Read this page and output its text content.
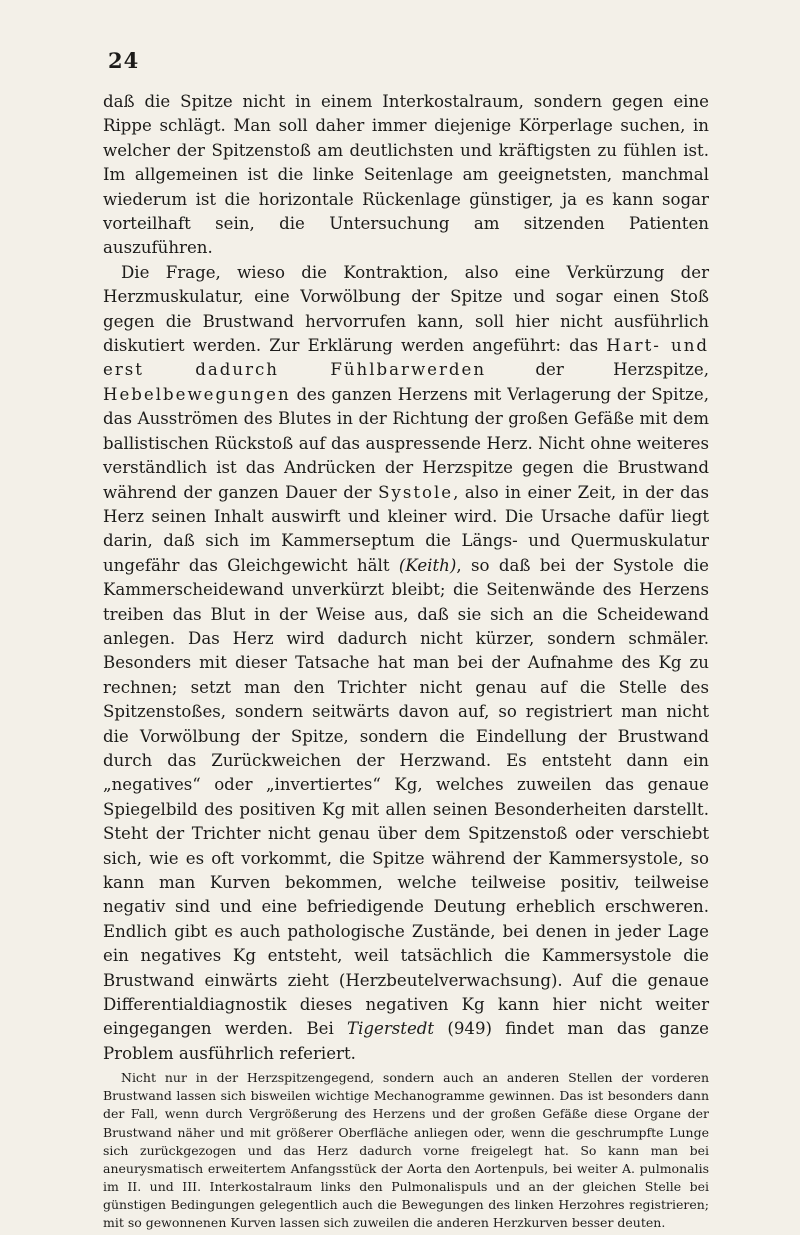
24

daß die Spitze nicht in einem Interkostalraum, sondern gegen eine Rippe schlägt. Man soll daher immer diejenige Körperlage suchen, in welcher der Spitzenstoß am deutlichsten und kräftigsten zu fühlen ist. Im allgemeinen ist die linke Seitenlage am geeignetsten, manchmal wiederum ist die horizontale Rückenlage günstiger, ja es kann sogar vorteilhaft sein, die Untersuchung am sitzenden Patienten auszuführen.

Die Frage, wieso die Kontraktion, also eine Verkürzung der Herzmuskulatur, eine Vorwölbung der Spitze und sogar einen Stoß gegen die Brustwand hervorrufen kann, soll hier nicht ausführlich diskutiert werden. Zur Erklärung werden angeführt: das Hart- und erst dadurch Fühlbarwerden der Herzspitze, Hebelbewegungen des ganzen Herzens mit Verlagerung der Spitze, das Ausströmen des Blutes in der Richtung der großen Gefäße mit dem ballistischen Rückstoß auf das auspressende Herz. Nicht ohne weiteres verständlich ist das Andrücken der Herzspitze gegen die Brustwand während der ganzen Dauer der Systole, also in einer Zeit, in der das Herz seinen Inhalt auswirft und kleiner wird. Die Ursache dafür liegt darin, daß sich im Kammerseptum die Längs- und Quermuskulatur ungefähr das Gleichgewicht hält (Keith), so daß bei der Systole die Kammerscheidewand unverkürzt bleibt; die Seitenwände des Herzens treiben das Blut in der Weise aus, daß sie sich an die Scheidewand anlegen. Das Herz wird dadurch nicht kürzer, sondern schmäler. Besonders mit dieser Tatsache hat man bei der Aufnahme des Kg zu rechnen; setzt man den Trichter nicht genau auf die Stelle des Spitzenstoßes, sondern seitwärts davon auf, so registriert man nicht die Vorwölbung der Spitze, sondern die Eindellung der Brustwand durch das Zurückweichen der Herzwand. Es entsteht dann ein „negatives“ oder „invertiertes“ Kg, welches zuweilen das genaue Spiegelbild des positiven Kg mit allen seinen Besonderheiten darstellt. Steht der Trichter nicht genau über dem Spitzenstoß oder verschiebt sich, wie es oft vorkommt, die Spitze während der Kammersystole, so kann man Kurven bekommen, welche teilweise positiv, teilweise negativ sind und eine befriedigende Deutung erheblich erschweren. Endlich gibt es auch pathologische Zustände, bei denen in jeder Lage ein negatives Kg entsteht, weil tatsächlich die Kammersystole die Brustwand einwärts zieht (Herzbeutelverwachsung). Auf die genaue Differentialdiagnostik dieses negativen Kg kann hier nicht weiter eingegangen werden. Bei Tigerstedt (949) findet man das ganze Problem ausführlich referiert.

Nicht nur in der Herzspitzengegend, sondern auch an anderen Stellen der vorderen Brustwand lassen sich bisweilen wichtige Mechanogramme gewinnen. Das ist besonders dann der Fall, wenn durch Vergrößerung des Herzens und der großen Gefäße diese Organe der Brustwand näher und mit größerer Oberfläche anliegen oder, wenn die geschrumpfte Lunge sich zurückgezogen und das Herz dadurch vorne freigelegt hat. So kann man bei aneurysmatisch erweitertem Anfangsstück der Aorta den Aortenpuls, bei weiter A. pulmonalis im II. und III. Interkostalraum links den Pulmonalispuls und an der gleichen Stelle bei günstigen Bedingungen gelegentlich auch die Bewegungen des linken Herzohres registrieren; mit so gewonnenen Kurven lassen sich zuweilen die anderen Herzkurven besser deuten.
